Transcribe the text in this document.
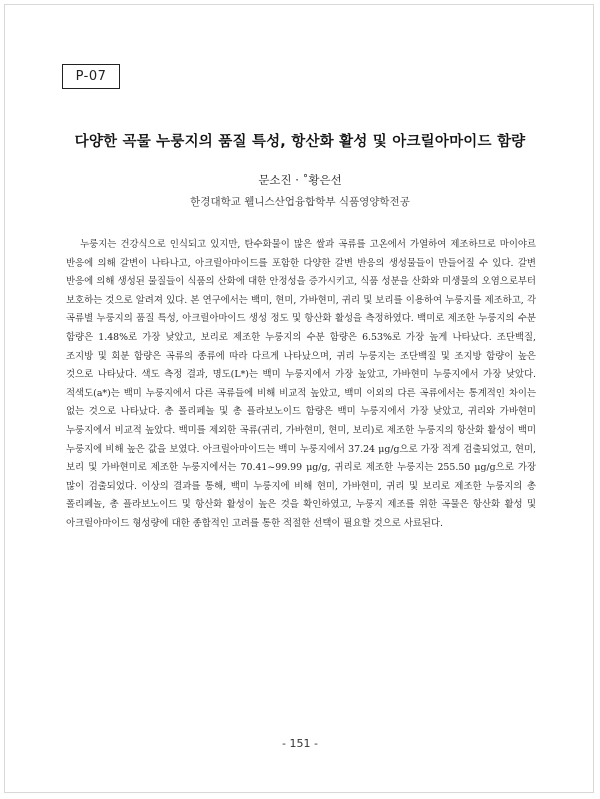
P-07
다양한 곡물 누룽지의 품질 특성, 항산화 활성 및 아크릴아마이드 함량
문소진 · ˚황은선
한경대학교 웰니스산업융합학부 식품영양학전공

누룽지는 건강식으로 인식되고 있지만, 탄수화물이 많은 쌀과 곡류를 고온에서 가열하여 제조하므로 마이야르 반응에 의해 갈변이 나타나고, 아크릴아마이드를 포함한 다양한 갈변 반응의 생성물들이 만들어질 수 있다. 갈변 반응에 의해 생성된 물질들이 식품의 산화에 대한 안정성을 증가시키고, 식품 성분을 산화와 미생물의 오염으로부터 보호하는 것으로 알려져 있다. 본 연구에서는 백미, 현미, 가바현미, 귀리 및 보리를 이용하여 누룽지를 제조하고, 각 곡류별 누룽지의 품질 특성, 아크릴아마이드 생성 정도 및 항산화 활성을 측정하였다. 백미로 제조한 누룽지의 수분 함량은 1.48%로 가장 낮았고, 보리로 제조한 누룽지의 수분 함량은 6.53%로 가장 높게 나타났다. 조단백질, 조지방 및 회분 함량은 곡류의 종류에 따라 다르게 나타났으며, 귀리 누룽지는 조단백질 및 조지방 함량이 높은 것으로 나타났다. 색도 측정 결과, 명도(L*)는 백미 누룽지에서 가장 높았고, 가바현미 누룽지에서 가장 낮았다. 적색도(a*)는 백미 누룽지에서 다른 곡류들에 비해 비교적 높았고, 백미 이외의 다른 곡류에서는 통계적인 차이는 없는 것으로 나타났다. 총 폴리페놀 및 총 플라보노이드 함량은 백미 누룽지에서 가장 낮았고, 귀리와 가바현미 누룽지에서 비교적 높았다. 백미를 제외한 곡류(귀리, 가바현미, 현미, 보리)로 제조한 누룽지의 항산화 활성이 백미 누룽지에 비해 높은 값을 보였다. 아크릴아마이드는 백미 누룽지에서 37.24 μg/g으로 가장 적게 검출되었고, 현미, 보리 및 가바현미로 제조한 누룽지에서는 70.41~99.99 μg/g, 귀리로 제조한 누룽지는 255.50 μg/g으로 가장 많이 검출되었다. 이상의 결과를 통해, 백미 누룽지에 비해 현미, 가바현미, 귀리 및 보리로 제조한 누룽지의 총 폴리페놀, 총 플라보노이드 및 항산화 활성이 높은 것을 확인하였고, 누룽지 제조를 위한 곡물은 항산화 활성 및 아크릴아마이드 형성량에 대한 종합적인 고려를 통한 적절한 선택이 필요할 것으로 사료된다.

- 151 -
